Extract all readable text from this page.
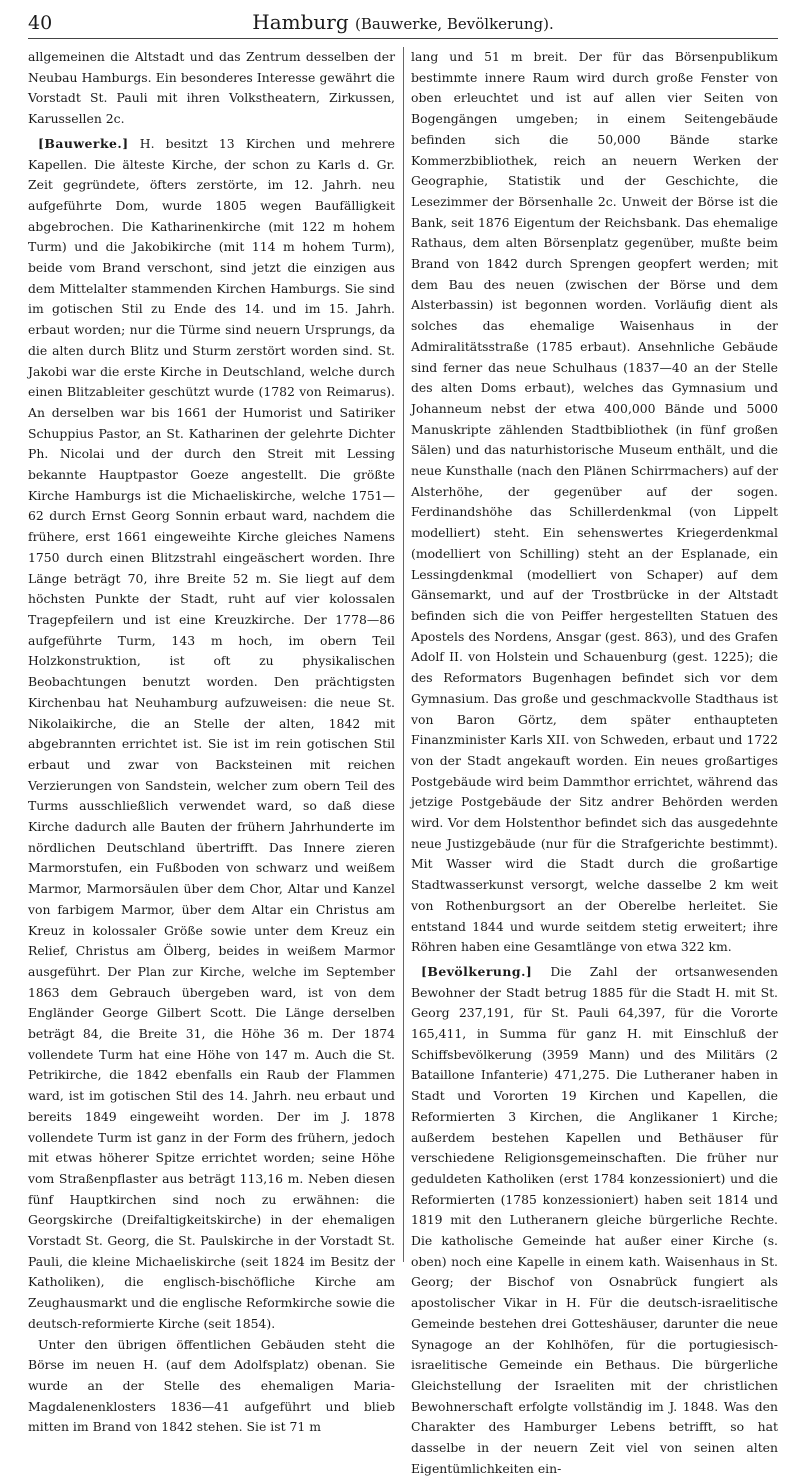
40	Hamburg (Bauwerke, Bevölkerung).

allgemeinen die Altstadt und das Zentrum desselben der Neubau Hamburgs. Ein besonderes Interesse gewährt die Vorstadt St. Pauli mit ihren Volkstheatern, Zirkussen, Karussellen 2c.

[Bauwerke.] H. besitzt 13 Kirchen und mehrere Kapellen. Die älteste Kirche, der schon zu Karls d. Gr. Zeit gegründete, öfters zerstörte, im 12. Jahrh. neu aufgeführte Dom, wurde 1805 wegen Baufälligkeit abgebrochen. Die Katharinenkirche (mit 122 m hohem Turm) und die Jakobikirche (mit 114 m hohem Turm), beide vom Brand verschont, sind jetzt die einzigen aus dem Mittelalter stammenden Kirchen Hamburgs. Sie sind im gotischen Stil zu Ende des 14. und im 15. Jahrh. erbaut worden; nur die Türme sind neuern Ursprungs, da die alten durch Blitz und Sturm zerstört worden sind. St. Jakobi war die erste Kirche in Deutschland, welche durch einen Blitzableiter geschützt wurde (1782 von Reimarus). An derselben war bis 1661 der Humorist und Satiriker Schuppius Pastor, an St. Katharinen der gelehrte Dichter Ph. Nicolai und der durch den Streit mit Lessing bekannte Hauptpastor Goeze angestellt. Die größte Kirche Hamburgs ist die Michaeliskirche, welche 1751—62 durch Ernst Georg Sonnin erbaut ward, nachdem die frühere, erst 1661 eingeweihte Kirche gleiches Namens 1750 durch einen Blitzstrahl eingeäschert worden. Ihre Länge beträgt 70, ihre Breite 52 m. Sie liegt auf dem höchsten Punkte der Stadt, ruht auf vier kolossalen Tragepfeilern und ist eine Kreuzkirche. Der 1778—86 aufgeführte Turm, 143 m hoch, im obern Teil Holzkonstruktion, ist oft zu physikalischen Beobachtungen benutzt worden. Den prächtigsten Kirchenbau hat Neuhamburg aufzuweisen: die neue St. Nikolaikirche, die an Stelle der alten, 1842 mit abgebrannten errichtet ist. Sie ist im rein gotischen Stil erbaut und zwar von Backsteinen mit reichen Verzierungen von Sandstein, welcher zum obern Teil des Turms ausschließlich verwendet ward, so daß diese Kirche dadurch alle Bauten der frühern Jahrhunderte im nördlichen Deutschland übertrifft. Das Innere zieren Marmorstufen, ein Fußboden von schwarz und weißem Marmor, Marmorsäulen über dem Chor, Altar und Kanzel von farbigem Marmor, über dem Altar ein Christus am Kreuz in kolossaler Größe sowie unter dem Kreuz ein Relief, Christus am Ölberg, beides in weißem Marmor ausgeführt. Der Plan zur Kirche, welche im September 1863 dem Gebrauch übergeben ward, ist von dem Engländer George Gilbert Scott. Die Länge derselben beträgt 84, die Breite 31, die Höhe 36 m. Der 1874 vollendete Turm hat eine Höhe von 147 m. Auch die St. Petrikirche, die 1842 ebenfalls ein Raub der Flammen ward, ist im gotischen Stil des 14. Jahrh. neu erbaut und bereits 1849 eingeweiht worden. Der im J. 1878 vollendete Turm ist ganz in der Form des frühern, jedoch mit etwas höherer Spitze errichtet worden; seine Höhe vom Straßenpflaster aus beträgt 113,16 m. Neben diesen fünf Hauptkirchen sind noch zu erwähnen: die Georgskirche (Dreifaltigkeitskirche) in der ehemaligen Vorstadt St. Georg, die St. Paulskirche in der Vorstadt St. Pauli, die kleine Michaeliskirche (seit 1824 im Besitz der Katholiken), die englisch-bischöfliche Kirche am Zeughausmarkt und die englische Reformkirche sowie die deutsch-reformierte Kirche (seit 1854).

Unter den übrigen öffentlichen Gebäuden steht die Börse im neuen H. (auf dem Adolfsplatz) obenan. Sie wurde an der Stelle des ehemaligen Maria-Magdalenenklosters 1836—41 aufgeführt und blieb mitten im Brand von 1842 stehen. Sie ist 71 m

lang und 51 m breit. Der für das Börsenpublikum bestimmte innere Raum wird durch große Fenster von oben erleuchtet und ist auf allen vier Seiten von Bogengängen umgeben; in einem Seitengebäude befinden sich die 50,000 Bände starke Kommerzbibliothek, reich an neuern Werken der Geographie, Statistik und der Geschichte, die Lesezimmer der Börsenhalle 2c. Unweit der Börse ist die Bank, seit 1876 Eigentum der Reichsbank. Das ehemalige Rathaus, dem alten Börsenplatz gegenüber, mußte beim Brand von 1842 durch Sprengen geopfert werden; mit dem Bau des neuen (zwischen der Börse und dem Alsterbassin) ist begonnen worden. Vorläufig dient als solches das ehemalige Waisenhaus in der Admiralitätsstraße (1785 erbaut). Ansehnliche Gebäude sind ferner das neue Schulhaus (1837—40 an der Stelle des alten Doms erbaut), welches das Gymnasium und Johanneum nebst der etwa 400,000 Bände und 5000 Manuskripte zählenden Stadtbibliothek (in fünf großen Sälen) und das naturhistorische Museum enthält, und die neue Kunsthalle (nach den Plänen Schirrmachers) auf der Alsterhöhe, der gegenüber auf der sogen. Ferdinandshöhe das Schillerdenkmal (von Lippelt modelliert) steht. Ein sehenswertes Kriegerdenkmal (modelliert von Schilling) steht an der Esplanade, ein Lessingdenkmal (modelliert von Schaper) auf dem Gänsemarkt, und auf der Trostbrücke in der Altstadt befinden sich die von Peiffer hergestellten Statuen des Apostels des Nordens, Ansgar (gest. 863), und des Grafen Adolf II. von Holstein und Schauenburg (gest. 1225); die des Reformators Bugenhagen befindet sich vor dem Gymnasium. Das große und geschmackvolle Stadthaus ist von Baron Görtz, dem später enthaupteten Finanzminister Karls XII. von Schweden, erbaut und 1722 von der Stadt angekauft worden. Ein neues großartiges Postgebäude wird beim Dammthor errichtet, während das jetzige Postgebäude der Sitz andrer Behörden werden wird. Vor dem Holstenthor befindet sich das ausgedehnte neue Justizgebäude (nur für die Strafgerichte bestimmt). Mit Wasser wird die Stadt durch die großartige Stadtwasserkunst versorgt, welche dasselbe 2 km weit von Rothenburgsort an der Oberelbe herleitet. Sie entstand 1844 und wurde seitdem stetig erweitert; ihre Röhren haben eine Gesamtlänge von etwa 322 km.

[Bevölkerung.] Die Zahl der ortsanwesenden Bewohner der Stadt betrug 1885 für die Stadt H. mit St. Georg 237,191, für St. Pauli 64,397, für die Vororte 165,411, in Summa für ganz H. mit Einschluß der Schiffsbevölkerung (3959 Mann) und des Militärs (2 Bataillone Infanterie) 471,275. Die Lutheraner haben in Stadt und Vororten 19 Kirchen und Kapellen, die Reformierten 3 Kirchen, die Anglikaner 1 Kirche; außerdem bestehen Kapellen und Bethäuser für verschiedene Religionsgemeinschaften. Die früher nur geduldeten Katholiken (erst 1784 konzessioniert) und die Reformierten (1785 konzessioniert) haben seit 1814 und 1819 mit den Lutheranern gleiche bürgerliche Rechte. Die katholische Gemeinde hat außer einer Kirche (s. oben) noch eine Kapelle in einem kath. Waisenhaus in St. Georg; der Bischof von Osnabrück fungiert als apostolischer Vikar in H. Für die deutsch-israelitische Gemeinde bestehen drei Gotteshäuser, darunter die neue Synagoge an der Kohlhöfen, für die portugiesisch-israelitische Gemeinde ein Bethaus. Die bürgerliche Gleichstellung der Israeliten mit der christlichen Bewohnerschaft erfolgte vollständig im J. 1848. Was den Charakter des Hamburger Lebens betrifft, so hat dasselbe in der neuern Zeit viel von seinen alten Eigentümlichkeiten ein-
